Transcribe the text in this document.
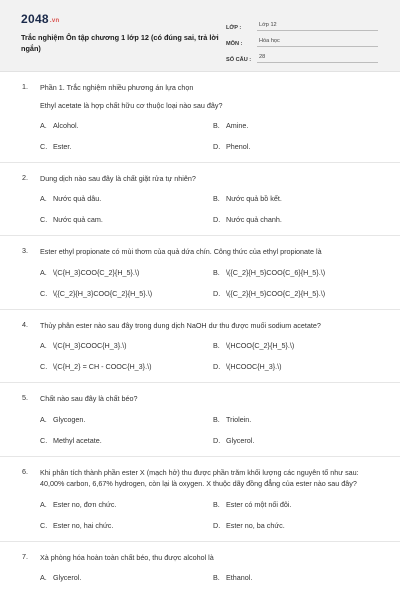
2048.vn
Trắc nghiệm Ôn tập chương 1 lớp 12 (có đúng sai, trả lời ngắn)
LỚP :	Lớp 12
MÔN :	Hóa học
SỐ CÂU :	28
1.	Phần 1. Trắc nghiệm nhiều phương án lựa chọn
Ethyl acetate là hợp chất hữu cơ thuộc loại nào sau đây?
A. Alcohol.	B. Amine.
C. Ester.	D. Phenol.
2.	Dung dịch nào sau đây là chất giặt rửa tự nhiên?
A. Nước quả dâu.	B. Nước quả bồ kết.
C. Nước quả cam.	D. Nước quả chanh.
3.	Ester ethyl propionate có mùi thơm của quả dứa chín. Công thức của ethyl propionate là
A. \(C{H_3}COO{C_2}{H_5}.\)	B. \({C_2}{H_5}COO{C_6}{H_5}.\)
C. \({C_2}{H_3}COO{C_2}{H_5}.\)	D. \({C_2}{H_5}COO{C_2}{H_5}.\)
4.	Thủy phân ester nào sau đây trong dung dịch NaOH dư thu được muối sodium acetate?
A. \(C{H_3}COOC{H_3}.\)	B. \(HCOO{C_2}{H_5}.\)
C. \(C{H_2} = CH - COOC{H_3}.\)	D. \(HCOOC{H_3}.\)
5.	Chất nào sau đây là chất béo?
A. Glycogen.	B. Triolein.
C. Methyl acetate.	D. Glycerol.
6.	Khi phân tích thành phần ester X (mạch hở) thu được phần trăm khối lượng các nguyên tố như sau: 40,00% carbon, 6,67% hydrogen, còn lại là oxygen. X thuộc dãy đồng đẳng của ester nào sau đây?
A. Ester no, đơn chức.	B. Ester có một nối đôi.
C. Ester no, hai chức.	D. Ester no, ba chức.
7.	Xà phòng hóa hoàn toàn chất béo, thu được alcohol là
A. Glycerol.	B. Ethanol.
